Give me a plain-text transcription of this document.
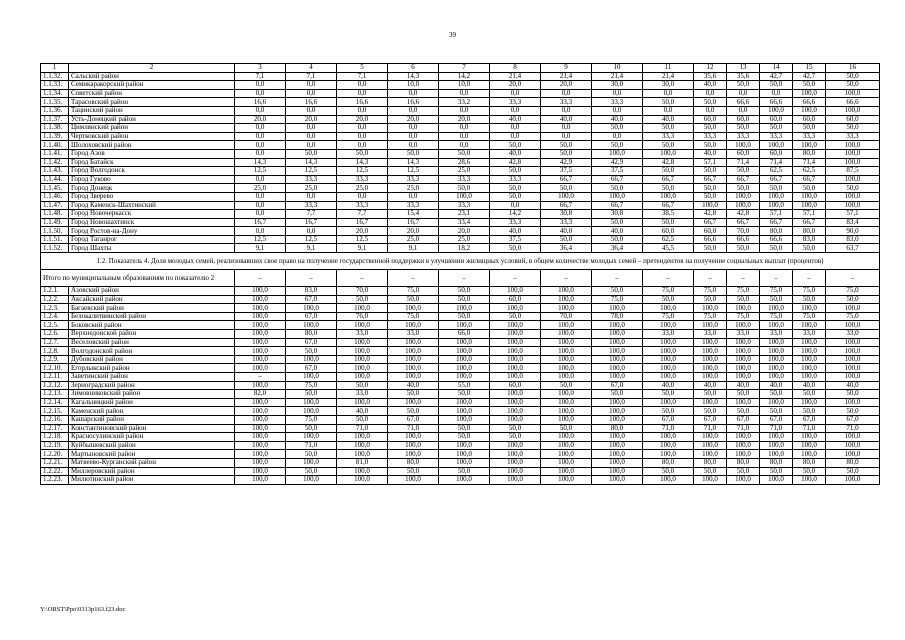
39
1	2	3	4	5	6	7	8	9	10	11	12	13	14	15	16
1.1.32.	Сальский район	7,1	7,1	7,1	14,3	14,2	21,4	21,4	21,4	21,4	35,6	35,6	42,7	42,7	50,0
1.1.33.	Семикаракорский район	0,0	0,0	0,0	10,0	10,0	20,0	20,0	30,0	30,0	40,0	50,0	50,0	50,0	50,0
1.1.34.	Советский район	0,0	0,0	0,0	0,0	0,0	0,0	0,0	0,0	0,0	0,0	0,0	0,0	100,0	100,0
1.1.35.	Тарасовский район	16,6	16,6	16,6	16,6	33,2	33,3	33,3	33,3	50,0	50,0	66,6	66,6	66,6	66,6
1.1.36.	Тацинский район	0,0	0,0	0,0	0,0	0,0	0,0	0,0	0,0	0,0	0,0	0,0	100,0	100,0	100,0
1.1.37.	Усть-Донецкий район	20,0	20,0	20,0	20,0	20,0	40,0	40,0	40,0	40,0	60,0	60,0	60,0	60,0	60,0
1.1.38.	Цимлянский район	0,0	0,0	0,0	0,0	0,0	0,0	0,0	50,0	50,0	50,0	50,0	50,0	50,0	50,0
1.1.39.	Чертковский район	0,0	0,0	0,0	0,0	0,0	0,0	0,0	0,0	33,3	33,3	33,3	33,3	33,3	33,3
1.1.40.	Шолоховский район	0,0	0,0	0,0	0,0	0,0	50,0	50,0	50,0	50,0	50,0	100,0	100,0	100,0	100,0
1.1.41.	Город Азов	0,0	50,0	50,0	50,0	50,0	40,0	50,0	100,0	100,0	40,0	60,0	60,0	80,0	100,0
1.1.42.	Город Батайск	14,3	14,3	14,3	14,3	28,6	42,8	42,9	42,9	42,8	57,1	71,4	71,4	71,4	100,0
1.1.43.	Город Волгодонск	12,5	12,5	12,5	12,5	25,0	50,0	37,5	37,5	50,0	50,0	50,0	62,5	62,5	87,5
1.1.44.	Город Гуково	0,0	33,3	33,3	33,3	33,3	33,3	66,7	66,7	66,7	66,7	66,7	66,7	66,7	100,0
1.1.45.	Город Донецк	25,0	25,0	25,0	25,0	50,0	50,0	50,0	50,0	50,0	50,0	50,0	50,0	50,0	50,0
1.1.46.	Город Зверево	0,0	0,0	0,0	0,0	100,0	50,0	100,0	100,0	100,0	50,0	100,0	100,0	100,0	100,0
1.1.47.	Город Каменск-Шахтинский	0,0	33,3	33,3	33,3	33,3	0,0	66,7	66,7	66,7	100,0	100,0	100,0	100,0	100,0
1.1.48.	Город Новочеркасск	0,0	7,7	7,7	15,4	23,1	14,2	30,8	30,8	38,5	42,8	42,8	57,1	57,1	57,1
1.1.49.	Город Новошахтинск	16,7	16,7	16,7	16,7	33,4	33,3	33,3	50,0	50,0	66,7	66,7	66,7	66,7	83,4
1.1.50.	Город Ростов-на-Дону	0,0	0,0	20,0	20,0	20,0	40,0	40,0	40,0	60,0	60,0	70,0	80,0	80,0	90,0
1.1.51.	Город Таганрог	12,5	12,5	12,5	25,0	25,0	37,5	50,0	50,0	62,5	66,6	66,6	66,6	83,0	83,0
1.1.52.	Город Шахты	9,1	9,1	9,1	9,1	18,2	50,0	36,4	36,4	45,5	50,0	50,0	50,0	50,0	63,7
1.2. Показатель 4. Доля молодых семей, реализовавших свое право на получение государственной поддержки в улучшении жилищных условий, в общем количестве молодых семей – претендентов на получение социальных выплат (процентов)															
Итого по муниципальным образованиям по показателю 2		–	–	–	–	–	–	–	–	–	–	–	–	–	–
1.2.1.	Азовский район	100,0	83,0	70,0	75,0	50,0	100,0	100,0	50,0	75,0	75,0	75,0	75,0	75,0	75,0
1.2.2.	Аксайский район	100,0	67,0	50,0	50,0	50,0	60,0	100,0	75,0	50,0	50,0	50,0	50,0	50,0	50,0
1.2.3.	Багаевский район	100,0	100,0	100,0	100,0	100,0	100,0	100,0	100,0	100,0	100,0	100,0	100,0	100,0	100,0
1.2.4.	Белокалитвинский район	100,0	67,0	76,0	75,0	50,0	50,0	70,0	78,0	75,0	75,0	75,0	75,0	75,0	75,0
1.2.5.	Боковский район	100,0	100,0	100,0	100,0	100,0	100,0	100,0	100,0	100,0	100,0	100,0	100,0	100,0	100,0
1.2.6.	Верхнедонской район	100,0	80,0	33,0	33,0	66,0	100,0	100,0	100,0	33,0	33,0	33,0	33,0	33,0	33,0
1.2.7.	Веселовский район	100,0	67,0	100,0	100,0	100,0	100,0	100,0	100,0	100,0	100,0	100,0	100,0	100,0	100,0
1.2.8.	Волгодонской район	100,0	50,0	100,0	100,0	100,0	100,0	100,0	100,0	100,0	100,0	100,0	100,0	100,0	100,0
1.2.9.	Дубовский район	100,0	100,0	100,0	100,0	100,0	100,0	100,0	100,0	100,0	100,0	100,0	100,0	100,0	100,0
1.2.10.	Егорлыкский район	100,0	67,0	100,0	100,0	100,0	100,0	100,0	100,0	100,0	100,0	100,0	100,0	100,0	100,0
1.2.11.	Заветинский район	–	100,0	100,0	100,0	100,0	100,0	100,0	100,0	100,0	100,0	100,0	100,0	100,0	100,0
1.2.12.	Зерноградский район	100,0	75,0	50,0	40,0	55,0	60,0	50,0	67,0	40,0	40,0	40,0	40,0	40,0	40,0
1.2.13.	Зимовниковский район	82,0	50,0	33,0	50,0	50,0	100,0	100,0	50,0	50,0	50,0	50,0	50,0	50,0	50,0
1.2.14.	Кагальницкий район	100,0	100,0	100,0	100,0	100,0	100,0	100,0	100,0	100,0	100,0	100,0	100,0	100,0	100,0
1.2.15.	Каменский район	100,0	100,0	40,0	50,0	100,0	100,0	100,0	100,0	50,0	50,0	50,0	50,0	50,0	50,0
1.2.16.	Кашарский район	100,0	75,0	50,0	67,0	100,0	100,0	100,0	100,0	67,0	67,0	67,0	67,0	67,0	67,0
1.2.17.	Константиновский район	100,0	50,0	71,0	71,0	50,0	50,0	50,0	80,0	71,0	71,0	71,0	71,0	71,0	71,0
1.2.18.	Красносулинский район	100,0	100,0	100,0	100,0	50,0	50,0	100,0	100,0	100,0	100,0	100,0	100,0	100,0	100,0
1.2.19.	Куйбышевский район	100,0	71,0	100,0	100,0	100,0	100,0	100,0	100,0	100,0	100,0	100,0	100,0	100,0	100,0
1.2.20.	Мартыновский район	100,0	50,0	100,0	100,0	100,0	100,0	100,0	100,0	100,0	100,0	100,0	100,0	100,0	100,0
1.2.21.	Матвеево-Курганский район	100,0	100,0	81,0	80,0	100,0	100,0	100,0	100,0	80,0	80,0	80,0	80,0	80,0	80,0
1.2.22.	Миллеровский район	100,0	50,0	100,0	50,0	50,0	100,0	100,0	100,0	50,0	50,0	50,0	50,0	50,0	50,0
1.2.23.	Милютинский район	100,0	100,0	100,0	100,0	100,0	100,0	100,0	100,0	100,0	100,0	100,0	100,0	100,0	100,0
Y:\ORST\Ppo\0313p163.f23.doc
